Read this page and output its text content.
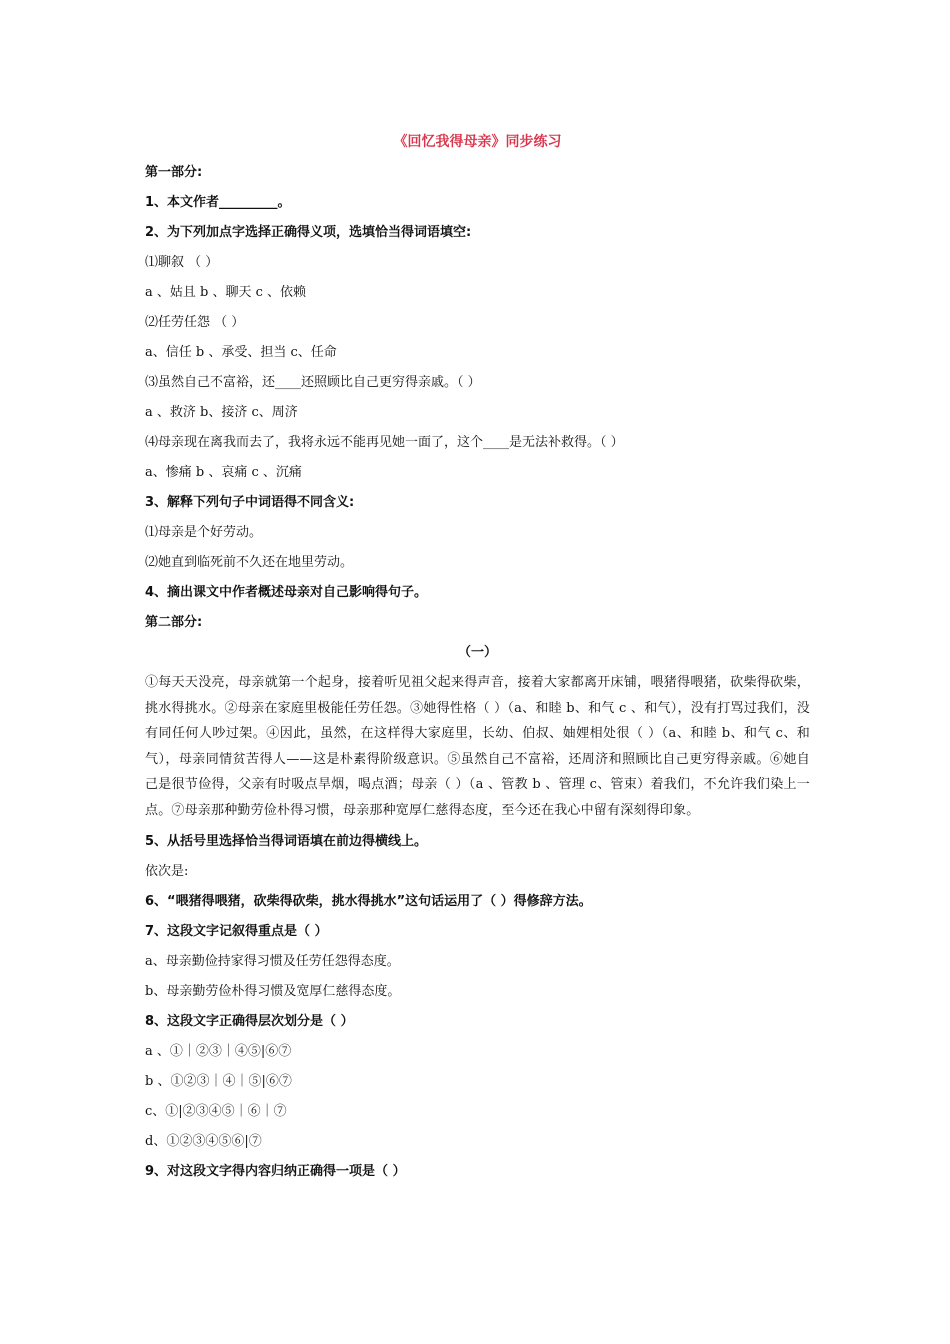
《回忆我得母亲》同步练习
第一部分:
1、本文作者_________。
2、为下列加点字选择正确得义项，选填恰当得词语填空:
⑴聊叙 （ ）
a 、姑且 b 、聊天 c 、依赖
⑵任劳任怨 （ ）
a、信任 b 、承受、担当 c、任命
⑶虽然自己不富裕，还____还照顾比自己更穷得亲戚。（ ）
a 、救济 b、接济 c、周济
⑷母亲现在离我而去了，我将永远不能再见她一面了，这个____是无法补救得。（ ）
a、惨痛 b 、哀痛 c 、沉痛
3、解释下列句子中词语得不同含义:
⑴母亲是个好劳动。
⑵她直到临死前不久还在地里劳动。
4、摘出课文中作者概述母亲对自己影响得句子。
第二部分:
（一）
①每天天没亮，母亲就第一个起身，接着听见祖父起来得声音，接着大家都离开床铺，喂猪得喂猪，砍柴得砍柴，挑水得挑水。②母亲在家庭里极能任劳任怨。③她得性格（ ）（a、和睦 b、和气 c 、和气），没有打骂过我们，没有同任何人吵过架。④因此，虽然，在这样得大家庭里，长幼、伯叔、妯娌相处很（ ）（a、和睦 b、和气 c、和气），母亲同情贫苦得人——这是朴素得阶级意识。⑤虽然自己不富裕，还周济和照顾比自己更穷得亲戚。⑥她自己是很节俭得，父亲有时吸点旱烟，喝点酒；母亲（ ）（a 、管教 b 、管理 c、管束）着我们，不允许我们染上一点。⑦母亲那种勤劳俭朴得习惯，母亲那种宽厚仁慈得态度，至今还在我心中留有深刻得印象。
5、从括号里选择恰当得词语填在前边得横线上。
依次是:
6、“喂猪得喂猪，砍柴得砍柴，挑水得挑水”这句话运用了（ ）得修辞方法。
7、这段文字记叙得重点是（ ）
a、母亲勤俭持家得习惯及任劳任怨得态度。
b、母亲勤劳俭朴得习惯及宽厚仁慈得态度。
8、这段文字正确得层次划分是（ ）
a 、①｜②③｜④⑤|⑥⑦
b 、①②③｜④｜⑤|⑥⑦
c、①|②③④⑤｜⑥｜⑦
d、①②③④⑤⑥|⑦
9、对这段文字得内容归纳正确得一项是（ ）
